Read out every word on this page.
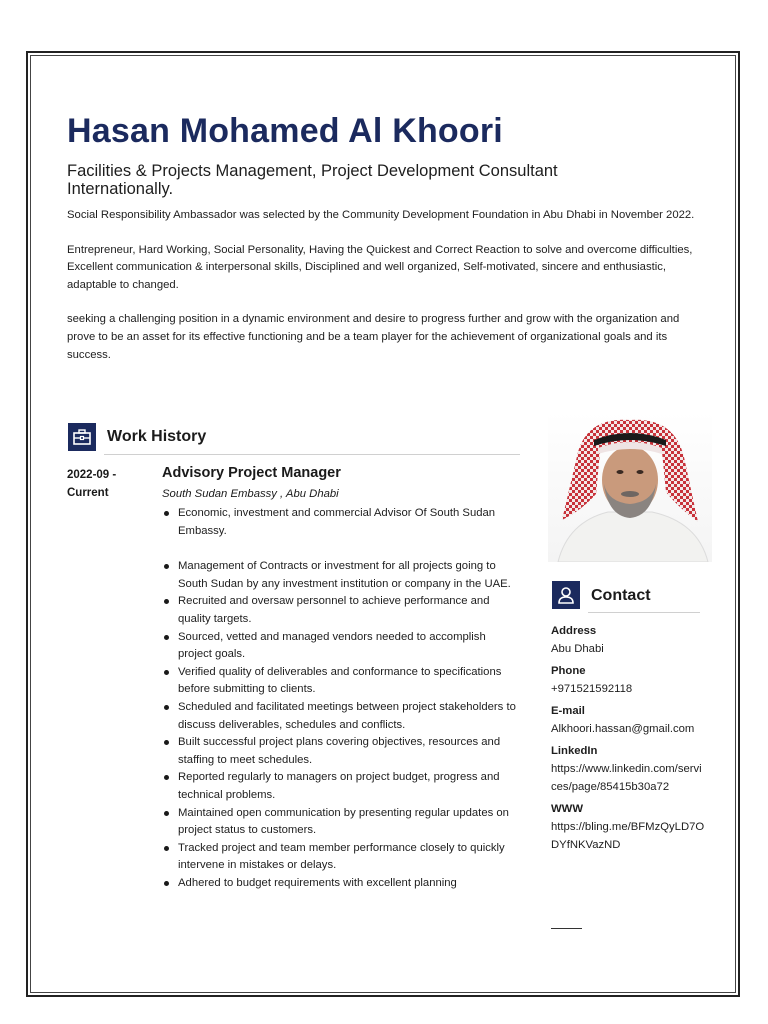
Hasan Mohamed Al Khoori
Facilities & Projects Management, Project Development Consultant Internationally.

Social Responsibility Ambassador was selected by the Community Development Foundation in Abu Dhabi in November 2022.

Entrepreneur, Hard Working, Social Personality, Having the Quickest and Correct Reaction to solve and overcome difficulties, Excellent communication & interpersonal skills, Disciplined and well organized, Self-motivated, sincere and enthusiastic, adaptable to changed.

seeking a challenging position in a dynamic environment and desire to progress further and grow with the organization and prove to be an asset for its effective functioning and be a team player for the achievement of organizational goals and its success.

Work History
2022-09 -
Current
Advisory Project Manager
South Sudan Embassy , Abu Dhabi
Economic, investment and commercial Advisor Of South Sudan Embassy.
Management of Contracts or investment for all projects going to South Sudan by any investment institution or company in the UAE.
Recruited and oversaw personnel to achieve performance and quality targets.
Sourced, vetted and managed vendors needed to accomplish project goals.
Verified quality of deliverables and conformance to specifications before submitting to clients.
Scheduled and facilitated meetings between project stakeholders to discuss deliverables, schedules and conflicts.
Built successful project plans covering objectives, resources and staffing to meet schedules.
Reported regularly to managers on project budget, progress and technical problems.
Maintained open communication by presenting regular updates on project status to customers.
Tracked project and team member performance closely to quickly intervene in mistakes or delays.
Adhered to budget requirements with excellent planning
Contact
Address
Abu Dhabi
Phone
+971521592118
E-mail
Alkhoori.hassan@gmail.com
LinkedIn
https://www.linkedin.com/services/page/85415b30a72
WWW
https://bling.me/BFMzQyLD7ODYfNKVazND
